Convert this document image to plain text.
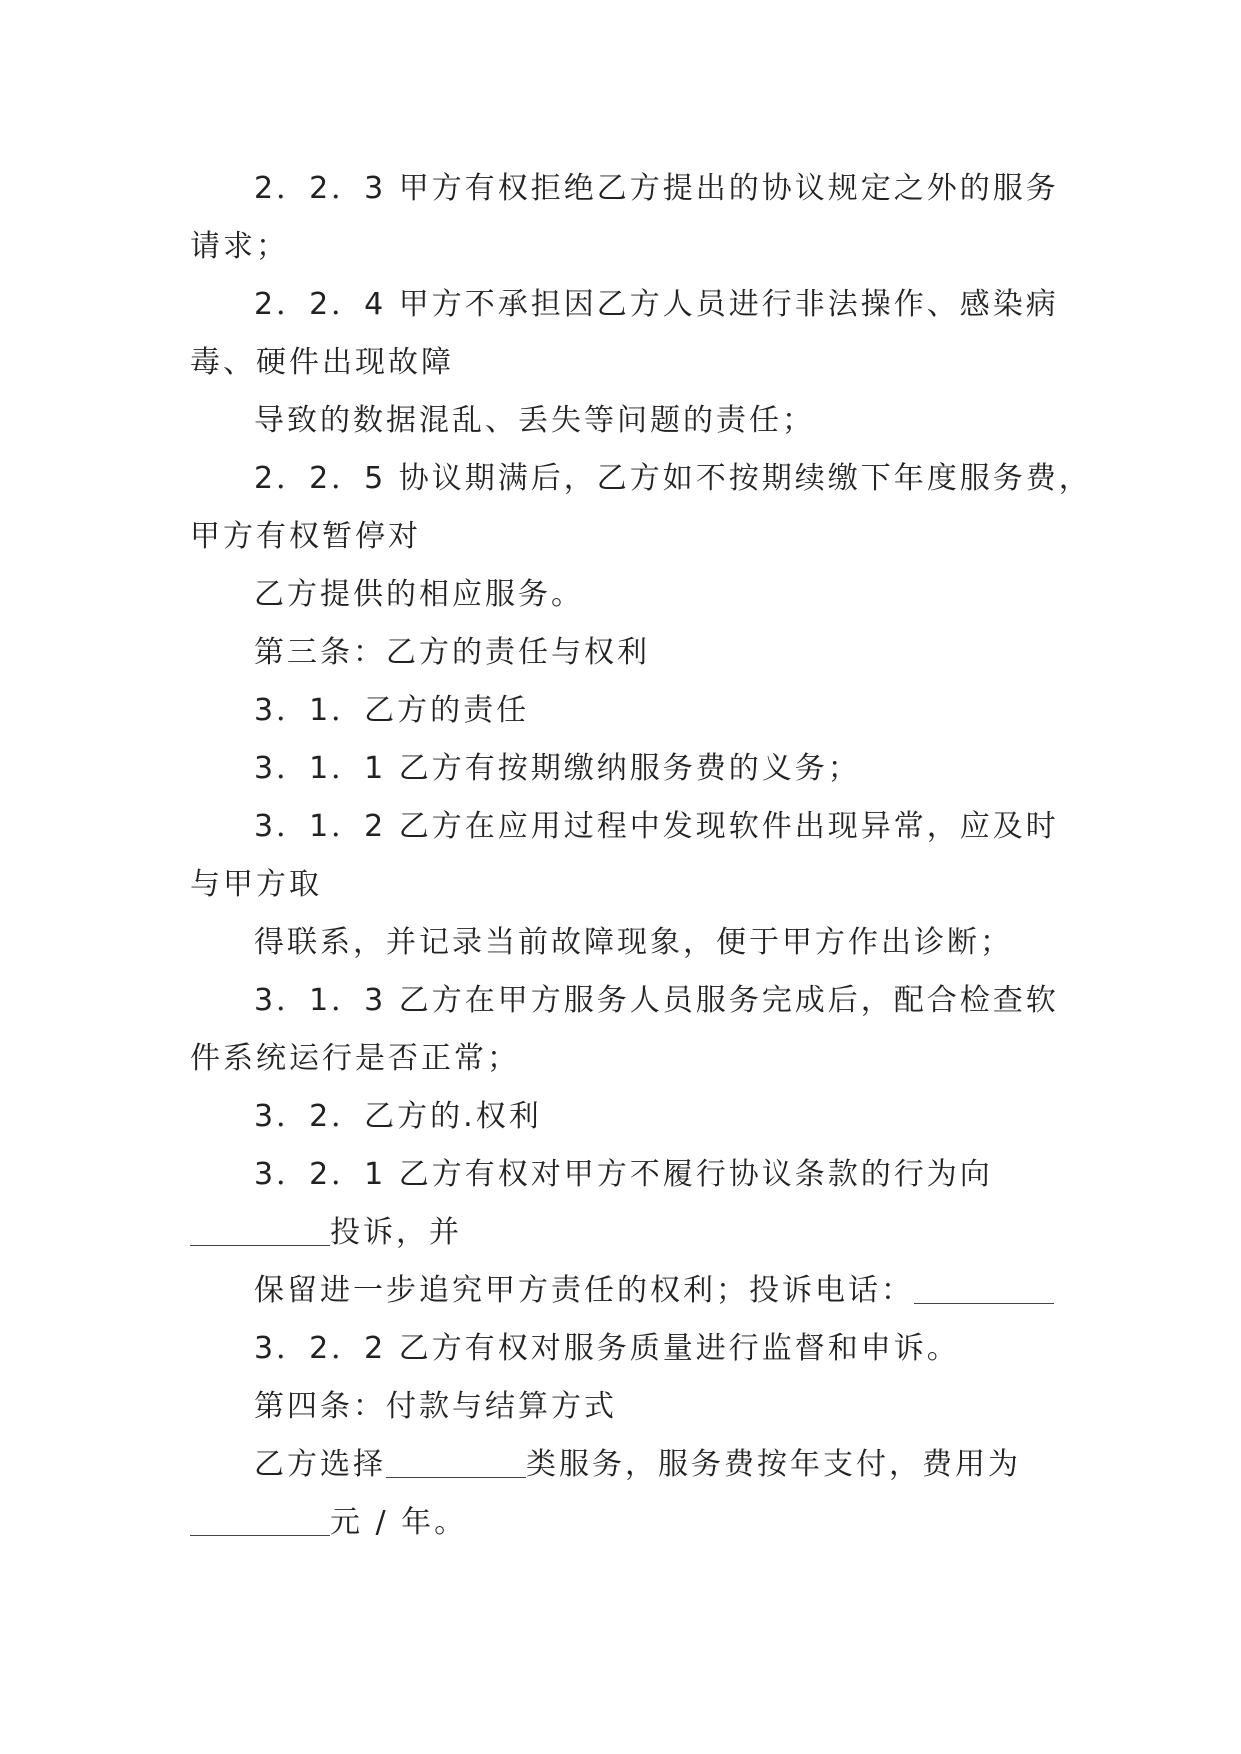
2．2．3 甲方有权拒绝乙方提出的协议规定之外的服务
请求；
2．2．4 甲方不承担因乙方人员进行非法操作、感染病
毒、硬件出现故障
导致的数据混乱、丢失等问题的责任；
2．2．5 协议期满后，乙方如不按期续缴下年度服务费，
甲方有权暂停对
乙方提供的相应服务。
第三条：乙方的责任与权利
3．1．乙方的责任
3．1．1 乙方有按期缴纳服务费的义务；
3．1．2 乙方在应用过程中发现软件出现异常，应及时
与甲方取
得联系，并记录当前故障现象，便于甲方作出诊断；
3．1．3 乙方在甲方服务人员服务完成后，配合检查软
件系统运行是否正常；
3．2．乙方的.权利
3．2．1 乙方有权对甲方不履行协议条款的行为向
投诉，并
保留进一步追究甲方责任的权利；投诉电话：
3．2．2 乙方有权对服务质量进行监督和申诉。
第四条：付款与结算方式
乙方选择	类服务，服务费按年支付，费用为
元 / 年。
